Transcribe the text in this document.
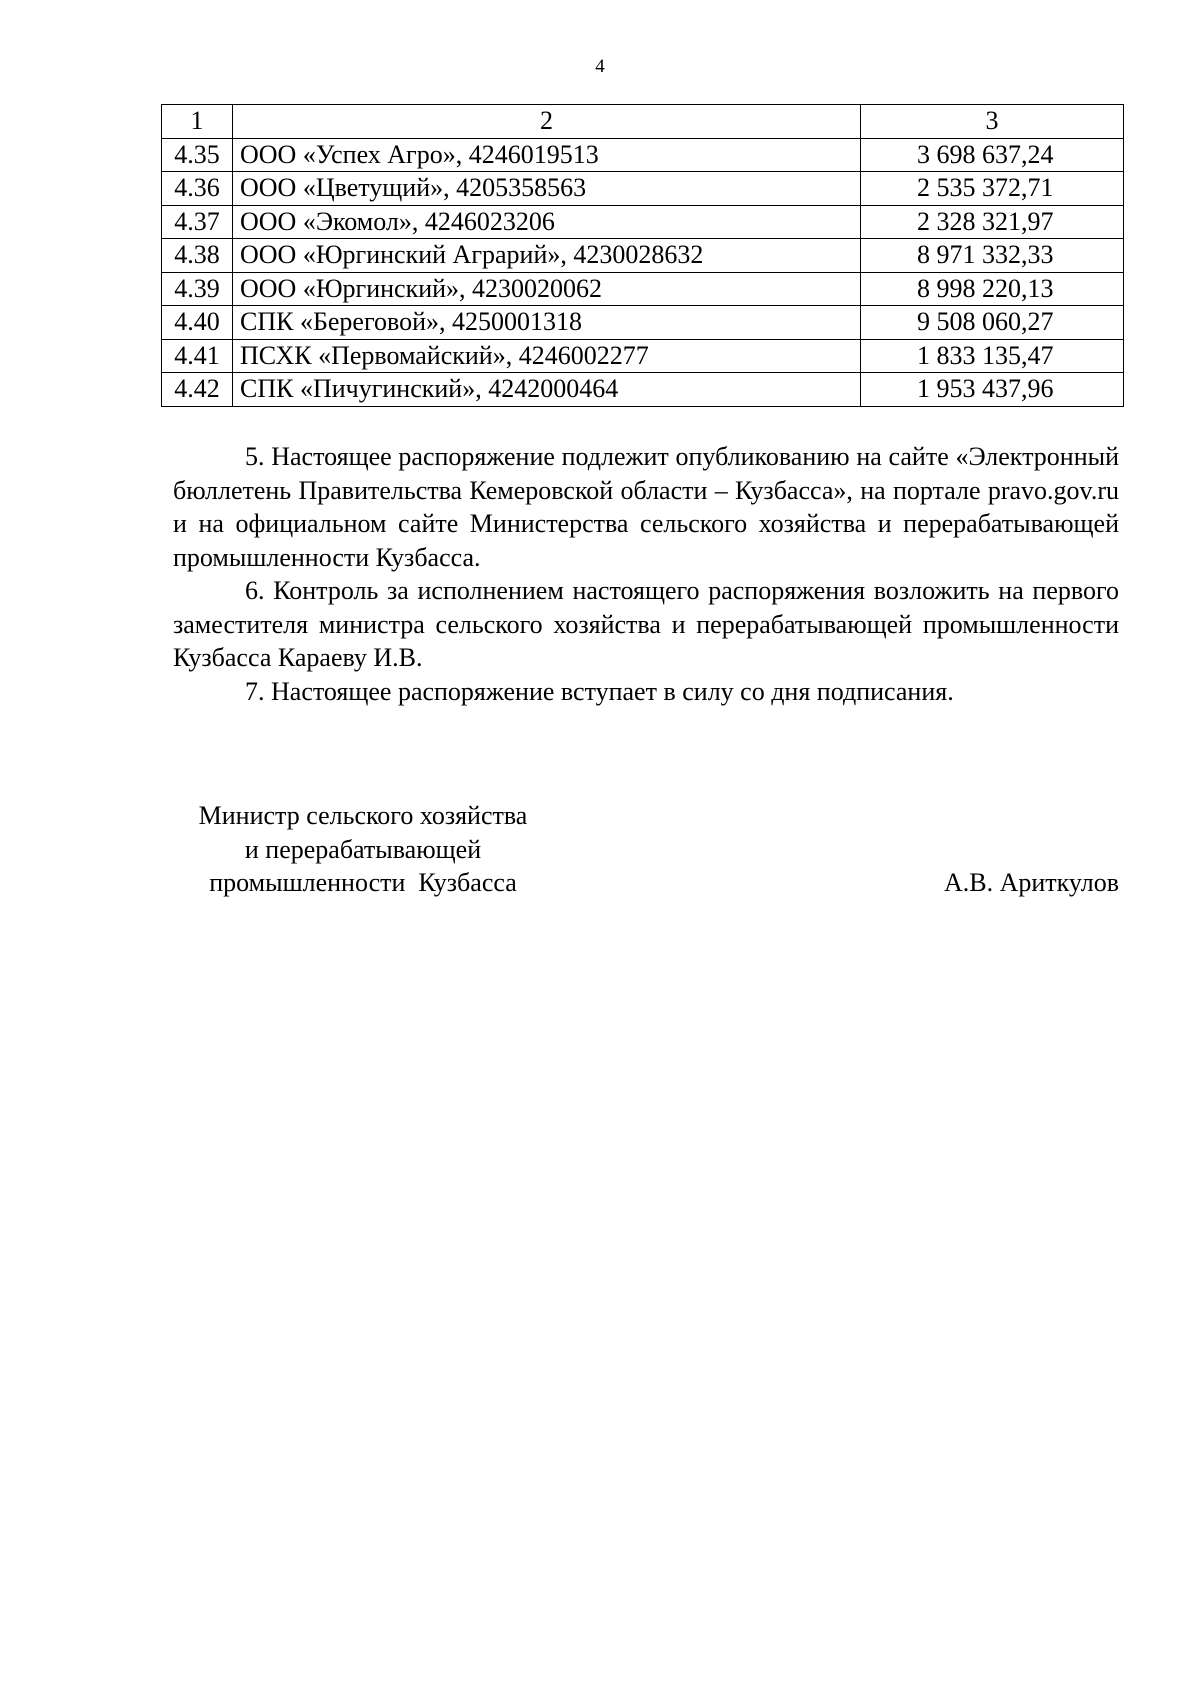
4
1	2	3
4.35	ООО «Успех Агро», 4246019513	3 698 637,24
4.36	ООО «Цветущий», 4205358563	2 535 372,71
4.37	ООО «Экомол», 4246023206	2 328 321,97
4.38	ООО «Юргинский Аграрий», 4230028632	8 971 332,33
4.39	ООО «Юргинский», 4230020062	8 998 220,13
4.40	СПК «Береговой», 4250001318	9 508 060,27
4.41	ПСХК «Первомайский», 4246002277	1 833 135,47
4.42	СПК «Пичугинский», 4242000464	1 953 437,96

5. Настоящее распоряжение подлежит опубликованию на сайте «Электронный бюллетень Правительства Кемеровской области – Кузбасса», на портале pravo.gov.ru и на официальном сайте Министерства сельского хозяйства и перерабатывающей промышленности Кузбасса.

6. Контроль за исполнением настоящего распоряжения возложить на первого заместителя министра сельского хозяйства и перерабатывающей промышленности Кузбасса Караеву И.В.

7. Настоящее распоряжение вступает в силу со дня подписания.

Министр сельского хозяйства
и перерабатывающей
промышленности  Кузбасса	А.В. Ариткулов
